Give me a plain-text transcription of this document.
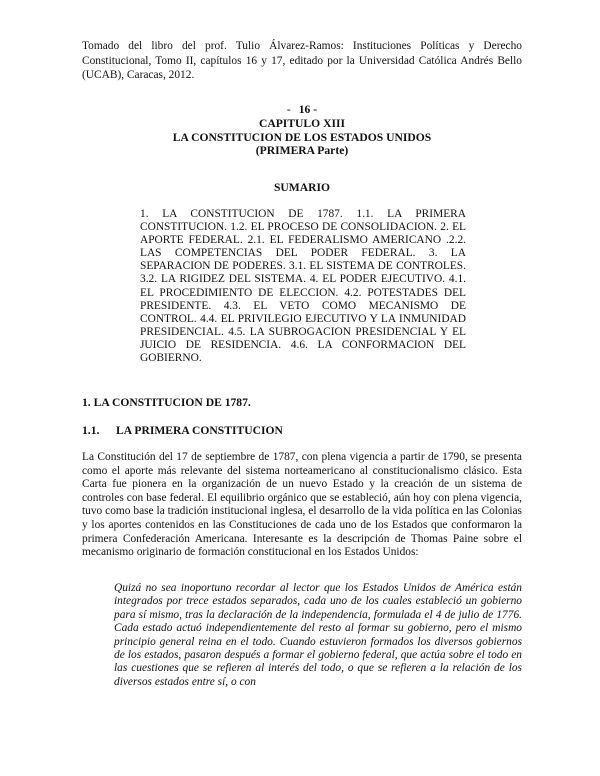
Tomado del libro del prof. Tulio Álvarez-Ramos: Instituciones Políticas y Derecho Constitucional, Tomo II, capítulos 16 y 17, editado por la Universidad Católica Andrés Bello (UCAB), Caracas, 2012.
- 16 -
CAPITULO XIII
LA CONSTITUCION DE LOS ESTADOS UNIDOS
(PRIMERA Parte)
SUMARIO
1. LA CONSTITUCION DE 1787. 1.1. LA PRIMERA CONSTITUCION. 1.2. EL PROCESO DE CONSOLIDACION. 2. EL APORTE FEDERAL. 2.1. EL FEDERALISMO AMERICANO .2.2. LAS COMPETENCIAS DEL PODER FEDERAL. 3. LA SEPARACION DE PODERES. 3.1. EL SISTEMA DE CONTROLES. 3.2. LA RIGIDEZ DEL SISTEMA. 4. EL PODER EJECUTIVO. 4.1. EL PROCEDIMIENTO DE ELECCION. 4.2. POTESTADES DEL PRESIDENTE. 4.3. EL VETO COMO MECANISMO DE CONTROL. 4.4. EL PRIVILEGIO EJECUTIVO Y LA INMUNIDAD PRESIDENCIAL. 4.5. LA SUBROGACION PRESIDENCIAL Y EL JUICIO DE RESIDENCIA. 4.6. LA CONFORMACION DEL GOBIERNO.
1. LA CONSTITUCION DE 1787.
1.1. LA PRIMERA CONSTITUCION
La Constitución del 17 de septiembre de 1787, con plena vigencia a partir de 1790, se presenta como el aporte más relevante del sistema norteamericano al constitucionalismo clásico. Esta Carta fue pionera en la organización de un nuevo Estado y la creación de un sistema de controles con base federal. El equilibrio orgánico que se estableció, aún hoy con plena vigencia, tuvo como base la tradición institucional inglesa, el desarrollo de la vida política en las Colonias y los aportes contenidos en las Constituciones de cada uno de los Estados que conformaron la primera Confederación Americana. Interesante es la descripción de Thomas Paine sobre el mecanismo originario de formación constitucional en los Estados Unidos:
Quizá no sea inoportuno recordar al lector que los Estados Unidos de América están integrados por trece estados separados, cada uno de los cuales estableció un gobierno para sí mismo, tras la declaración de la independencia, formulada el 4 de julio de 1776. Cada estado actuó independientemente del resto al formar su gobierno, pero el mismo principio general reina en el todo. Cuando estuvieron formados los diversos gobiernos de los estados, pasaron después a formar el gobierno federal, que actúa sobre el todo en las cuestiones que se refieren al interés del todo, o que se refieren a la relación de los diversos estados entre sí, o con
